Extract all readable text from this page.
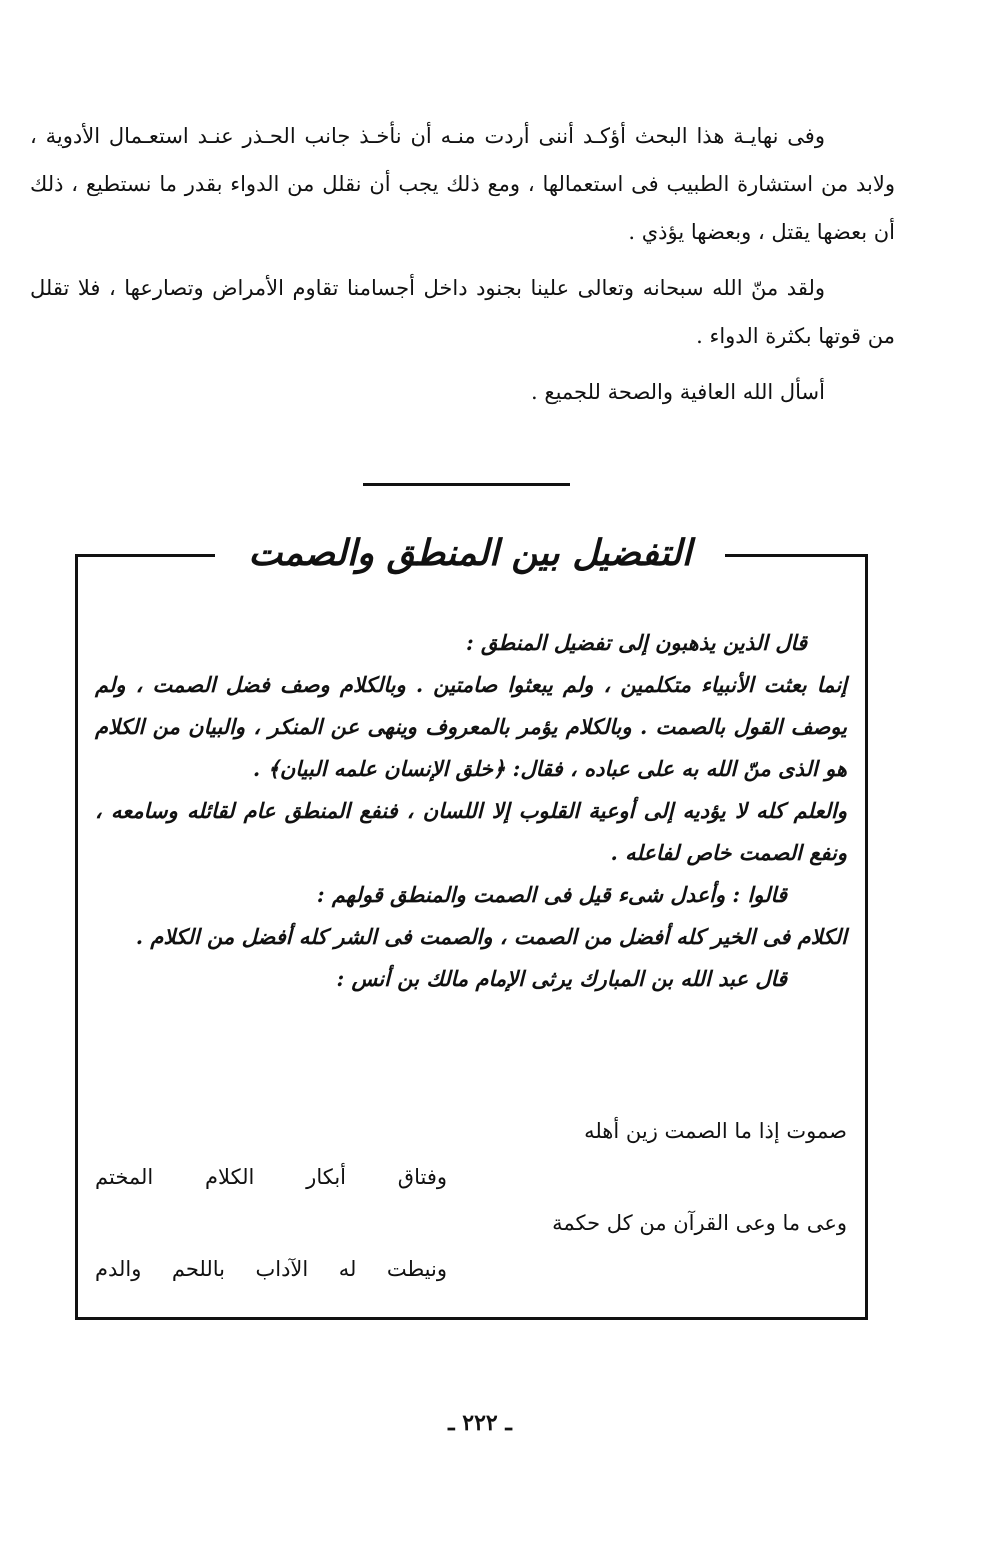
وفى نهايـة هذا البحث أؤكـد أننى أردت منـه أن نأخـذ جانب الحـذر عنـد استعـمال الأدوية ، ولابد من استشارة الطبيب فى استعمالها ، ومع ذلك يجب أن نقلل من الدواء بقدر ما نستطيع ، ذلك أن بعضها يقتل ، وبعضها يؤذي .

ولقد منّ الله سبحانه وتعالى علينا بجنود داخل أجسامنا تقاوم الأمراض وتصارعها ، فلا تقلل من قوتها بكثرة الدواء .

أسأل الله العافية والصحة للجميع .

التفضيل بين المنطق والصمت

قال الذين يذهبون إلى تفضيل المنطق :

إنما بعثت الأنبياء متكلمين ، ولم يبعثوا صامتين . وبالكلام وصف فضل الصمت ، ولم يوصف القول بالصمت . وبالكلام يؤمر بالمعروف وينهى عن المنكر ، والبيان من الكلام هو الذى منّ الله به على عباده ، فقال: ﴿خلق الإنسان علمه البيان﴾ .

والعلم كله لا يؤديه إلى أوعية القلوب إلا اللسان ، فنفع المنطق عام لقائله وسامعه ، ونفع الصمت خاص لفاعله .

قالوا : وأعدل شىء قيل فى الصمت والمنطق قولهم :

الكلام فى الخير كله أفضل من الصمت ، والصمت فى الشر كله أفضل من الكلام .

قال عبد الله بن المبارك يرثى الإمام مالك بن أنس :

صموت إذا ما الصمت زين أهله
وفتاق أبكار الكلام المختم
وعى ما وعى القرآن من كل حكمة
ونيطت له الآداب باللحم والدم
ـ ٢٢٢ ـ
